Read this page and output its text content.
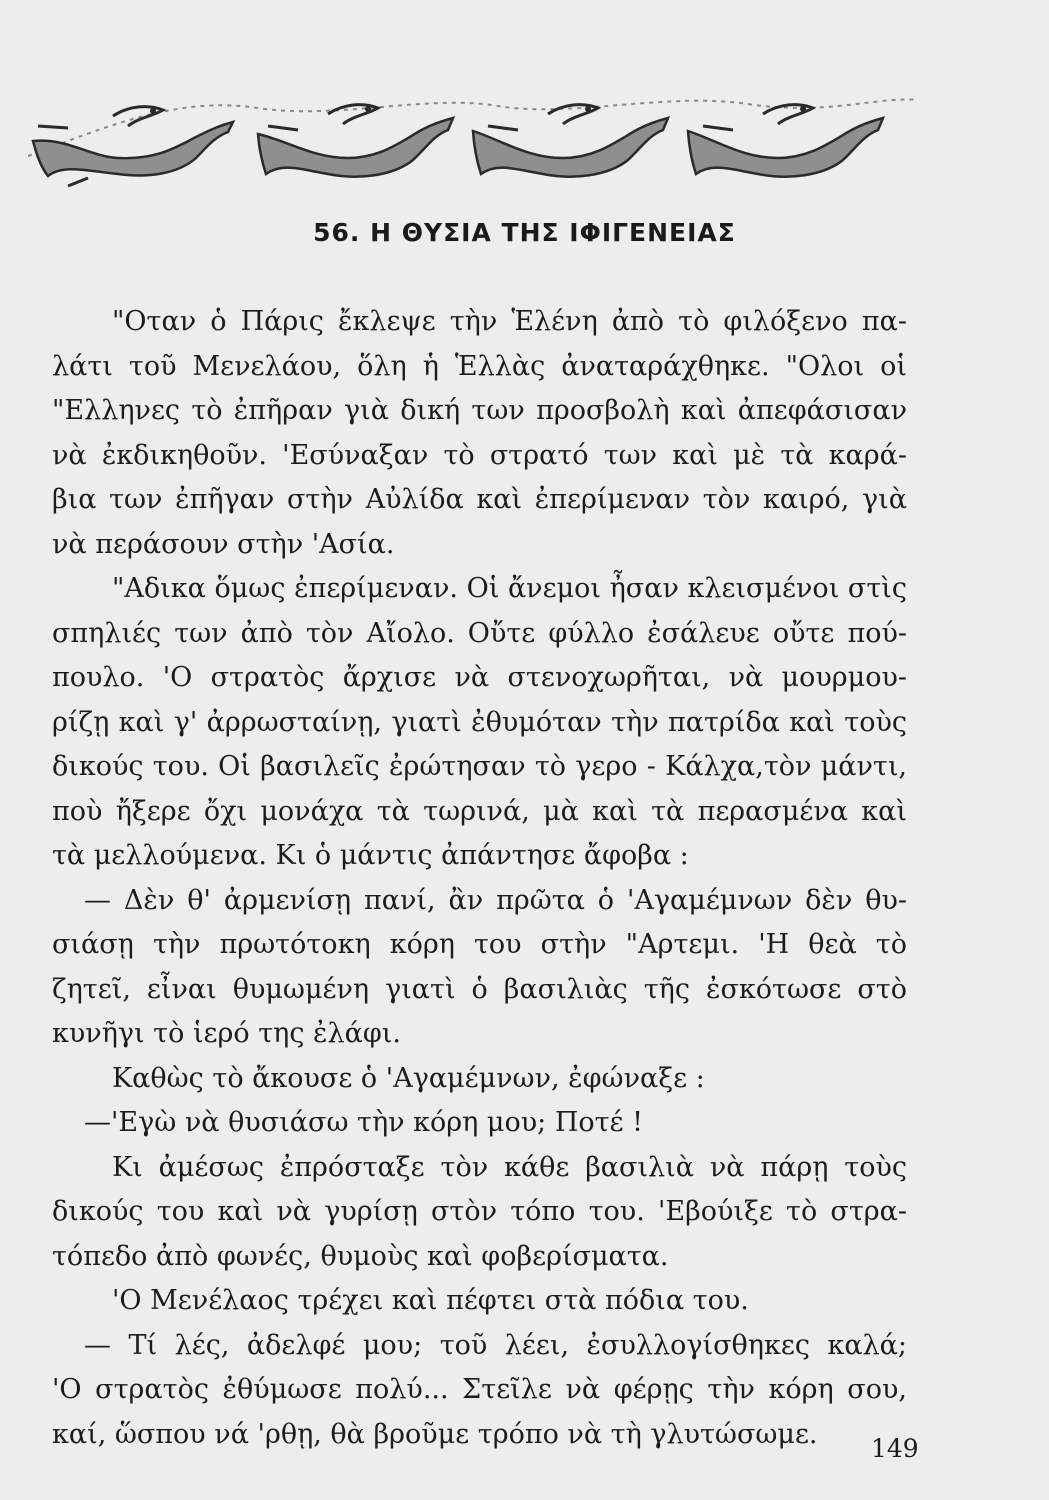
56. Η ΘΥΣΙΑ ΤΗΣ ΙΦΙΓΕΝΕΙΑΣ
"Οταν ὁ Πάρις ἔκλεψε τὴν Ἑλένη ἀπὸ τὸ φιλόξενο πα-
λάτι τοῦ Μενελάου, ὅλη ἡ Ἑλλὰς ἀναταράχθηκε. "Ολοι οἱ
"Ελληνες τὸ ἐπῆραν γιὰ δική των προσβολὴ καὶ ἀπεφάσισαν
νὰ ἐκδικηθοῦν. 'Εσύναξαν τὸ στρατό των καὶ μὲ τὰ καρά-
βια των ἐπῆγαν στὴν Αὐλίδα καὶ ἐπερίμεναν τὸν καιρό, γιὰ
νὰ περάσουν στὴν 'Ασία.
"Αδικα ὅμως ἐπερίμεναν. Οἱ ἄνεμοι ἦσαν κλεισμένοι στὶς
σπηλιές των ἀπὸ τὸν Αἴολο. Οὔτε φύλλο ἐσάλευε οὔτε πού-
πουλο. 'Ο στρατὸς ἄρχισε νὰ στενοχωρῆται, νὰ μουρμου-
ρίζῃ καὶ γ' ἀρρωσταίνῃ, γιατὶ ἐθυμόταν τὴν πατρίδα καὶ τοὺς
δικούς του. Οἱ βασιλεῖς ἐρώτησαν τὸ γερο - Κάλχα,τὸν μάντι,
ποὺ ἤξερε ὄχι μονάχα τὰ τωρινά, μὰ καὶ τὰ περασμένα καὶ
τὰ μελλούμενα. Κι ὁ μάντις ἀπάντησε ἄφοβα :
— Δὲν θ' ἀρμενίσῃ πανί, ἂν πρῶτα ὁ 'Αγαμέμνων δὲν θυ-
σιάσῃ τὴν πρωτότοκη κόρη του στὴν "Αρτεμι. 'Η θεὰ τὸ
ζητεῖ, εἶναι θυμωμένη γιατὶ ὁ βασιλιὰς τῆς ἐσκότωσε στὸ
κυνῆγι τὸ ἱερό της ἐλάφι.
Καθὼς τὸ ἄκουσε ὁ 'Αγαμέμνων, ἐφώναξε :
—'Εγὼ νὰ θυσιάσω τὴν κόρη μου; Ποτέ !
Κι ἀμέσως ἐπρόσταξε τὸν κάθε βασιλιὰ νὰ πάρῃ τοὺς
δικούς του καὶ νὰ γυρίσῃ στὸν τόπο του. 'Εβούιξε τὸ στρα-
τόπεδο ἀπὸ φωνές, θυμοὺς καὶ φοβερίσματα.
'Ο Μενέλαος τρέχει καὶ πέφτει στὰ πόδια του.
— Τί λές, ἀδελφέ μου; τοῦ λέει, ἐσυλλογίσθηκες καλά;
'Ο στρατὸς ἐθύμωσε πολύ... Στεῖλε νὰ φέρῃς τὴν κόρη σου,
καί, ὥσπου νά 'ρθῃ, θὰ βροῦμε τρόπο νὰ τὴ γλυτώσωμε.	149
